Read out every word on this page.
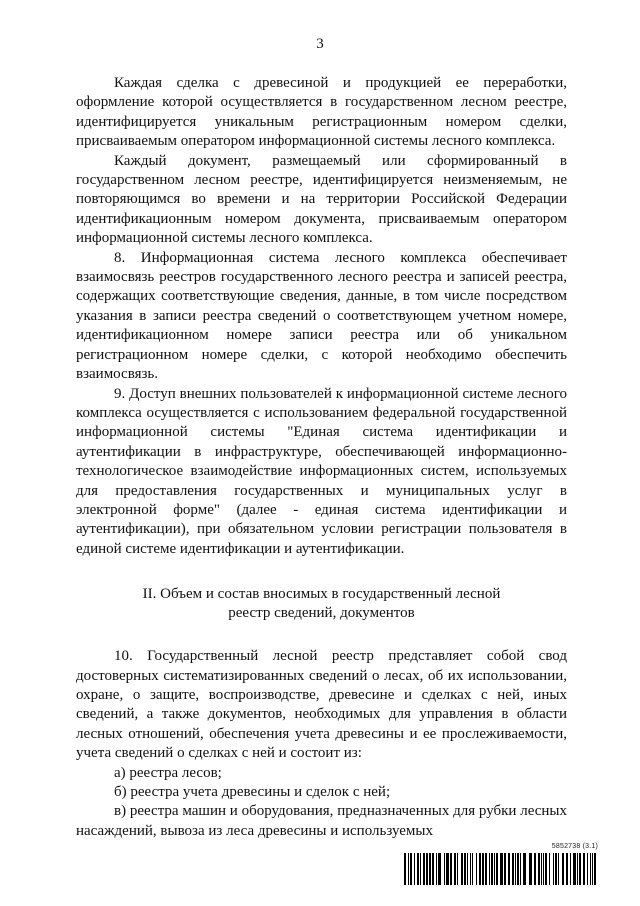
3

Каждая сделка с древесиной и продукцией ее переработки, оформление которой осуществляется в государственном лесном реестре, идентифицируется уникальным регистрационным номером сделки, присваиваемым оператором информационной системы лесного комплекса.

Каждый документ, размещаемый или сформированный в государственном лесном реестре, идентифицируется неизменяемым, не повторяющимся во времени и на территории Российской Федерации идентификационным номером документа, присваиваемым оператором информационной системы лесного комплекса.

8. Информационная система лесного комплекса обеспечивает взаимосвязь реестров государственного лесного реестра и записей реестра, содержащих соответствующие сведения, данные, в том числе посредством указания в записи реестра сведений о соответствующем учетном номере, идентификационном номере записи реестра или об уникальном регистрационном номере сделки, с которой необходимо обеспечить взаимосвязь.

9. Доступ внешних пользователей к информационной системе лесного комплекса осуществляется с использованием федеральной государственной информационной системы "Единая система идентификации и аутентификации в инфраструктуре, обеспечивающей информационно-технологическое взаимодействие информационных систем, используемых для предоставления государственных и муниципальных услуг в электронной форме" (далее - единая система идентификации и аутентификации), при обязательном условии регистрации пользователя в единой системе идентификации и аутентификации.

II. Объем и состав вносимых в государственный лесной
реестр сведений, документов

10. Государственный лесной реестр представляет собой свод достоверных систематизированных сведений о лесах, об их использовании, охране, о защите, воспроизводстве, древесине и сделках с ней, иных сведений, а также документов, необходимых для управления в области лесных отношений, обеспечения учета древесины и ее прослеживаемости, учета сведений о сделках с ней и состоит из:

а) реестра лесов;

б) реестра учета древесины и сделок с ней;

в) реестра машин и оборудования, предназначенных для рубки лесных насаждений, вывоза из леса древесины и используемых

5852738 (3.1)
